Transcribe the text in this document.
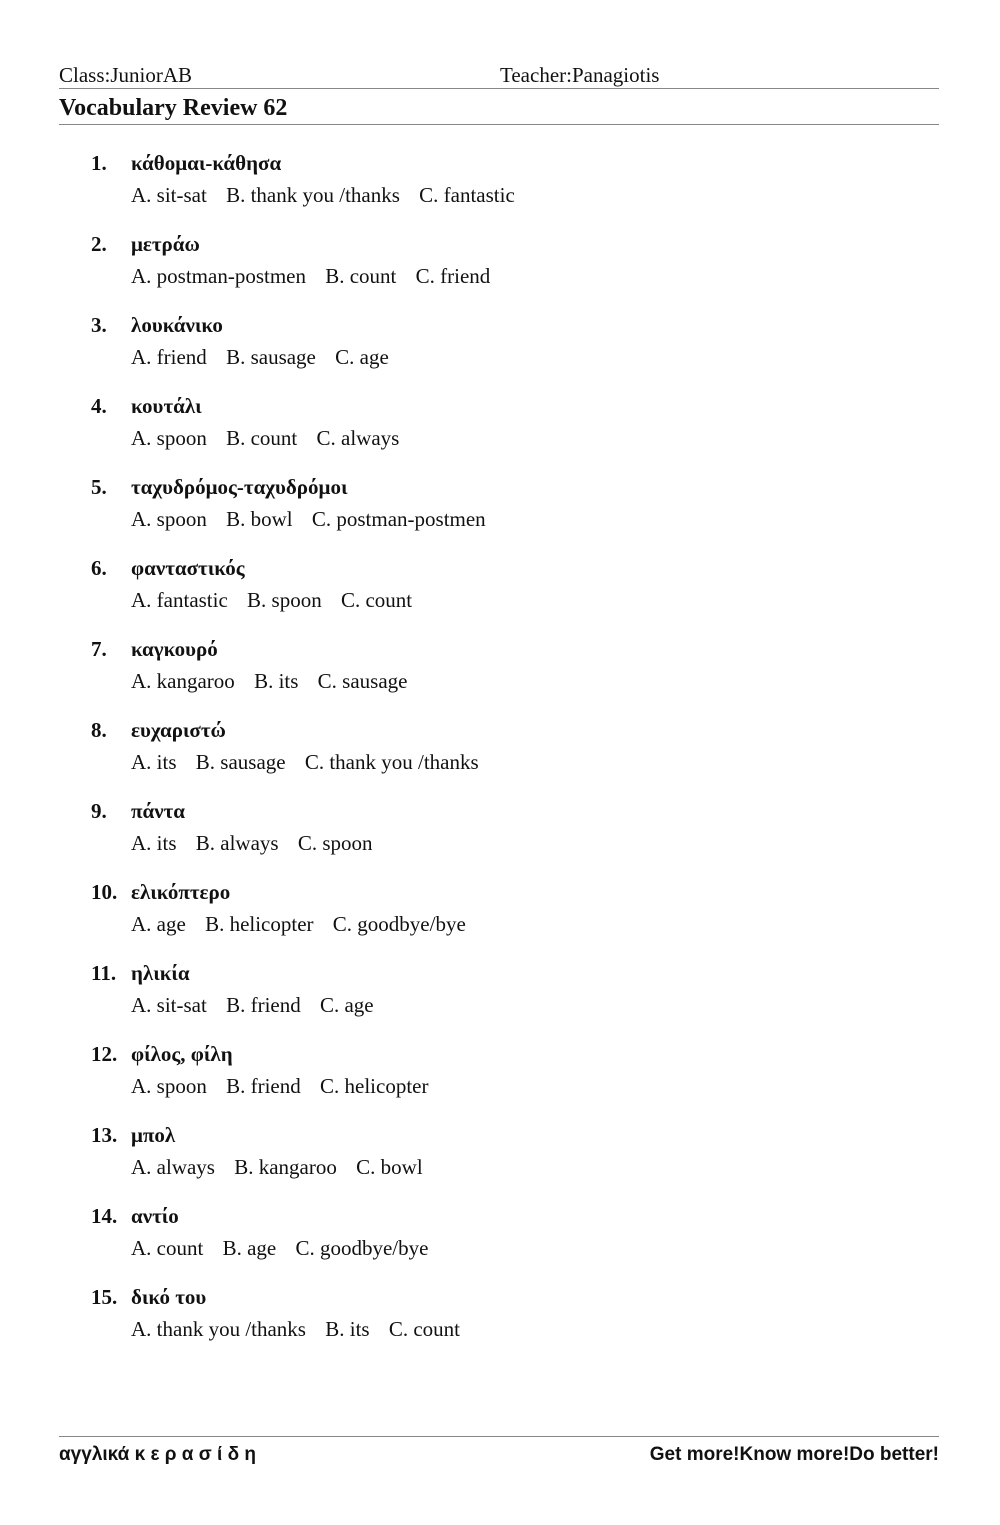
Class:JuniorAB	Teacher:Panagiotis
Vocabulary Review 62
1. κάθομαι-κάθησα
A. sit-sat B. thank you /thanks C. fantastic
2. μετράω
A. postman-postmen B. count C. friend
3. λουκάνικο
A. friend B. sausage C. age
4. κουτάλι
A. spoon B. count C. always
5. ταχυδρόμος-ταχυδρόμοι
A. spoon B. bowl C. postman-postmen
6. φανταστικός
A. fantastic B. spoon C. count
7. καγκουρό
A. kangaroo B. its C. sausage
8. ευχαριστώ
A. its B. sausage C. thank you /thanks
9. πάντα
A. its B. always C. spoon
10. ελικόπτερο
A. age B. helicopter C. goodbye/bye
11. ηλικία
A. sit-sat B. friend C. age
12. φίλος, φίλη
A. spoon B. friend C. helicopter
13. μπολ
A. always B. kangaroo C. bowl
14. αντίο
A. count B. age C. goodbye/bye
15. δικό του
A. thank you /thanks B. its C. count
αγγλικά κ ε ρ α σ ί δ η	Get more!Know more!Do better!
